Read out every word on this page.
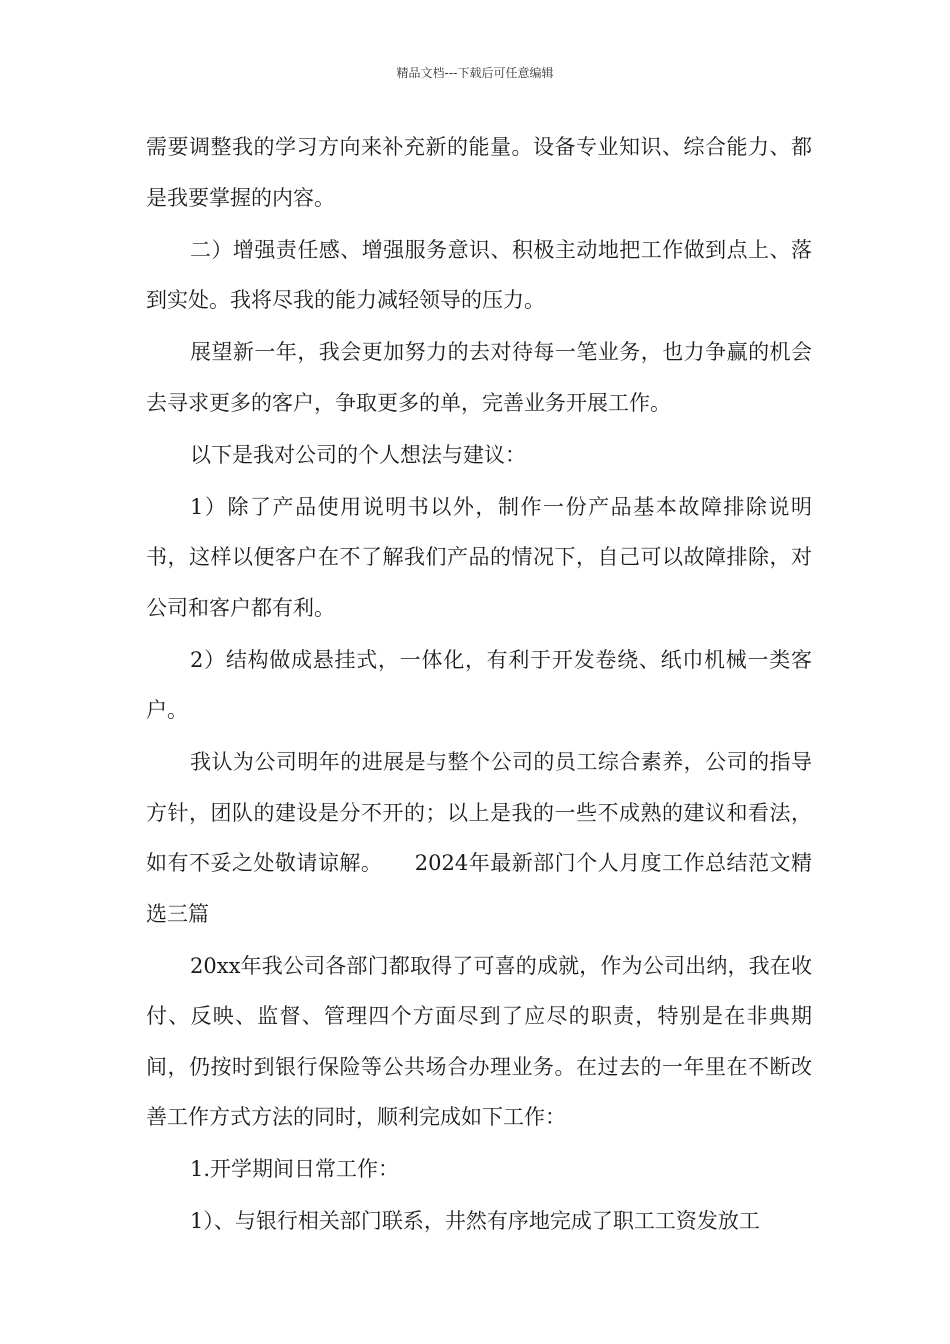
精品文档---下载后可任意编辑

需要调整我的学习方向来补充新的能量。设备专业知识、综合能力、都是我要掌握的内容。

二）增强责任感、增强服务意识、积极主动地把工作做到点上、落到实处。我将尽我的能力减轻领导的压力。

展望新一年，我会更加努力的去对待每一笔业务，也力争赢的机会去寻求更多的客户，争取更多的单，完善业务开展工作。

以下是我对公司的个人想法与建议：

1）除了产品使用说明书以外，制作一份产品基本故障排除说明书，这样以便客户在不了解我们产品的情况下，自己可以故障排除，对公司和客户都有利。

2）结构做成悬挂式，一体化，有利于开发卷绕、纸巾机械一类客户。

我认为公司明年的进展是与整个公司的员工综合素养，公司的指导方针，团队的建设是分不开的；以上是我的一些不成熟的建议和看法，如有不妥之处敬请谅解。　　2024年最新部门个人月度工作总结范文精选三篇

20xx年我公司各部门都取得了可喜的成就，作为公司出纳，我在收付、反映、监督、管理四个方面尽到了应尽的职责，特别是在非典期间，仍按时到银行保险等公共场合办理业务。在过去的一年里在不断改善工作方式方法的同时，顺利完成如下工作：

1.开学期间日常工作：

1）、与银行相关部门联系，井然有序地完成了职工工资发放工
